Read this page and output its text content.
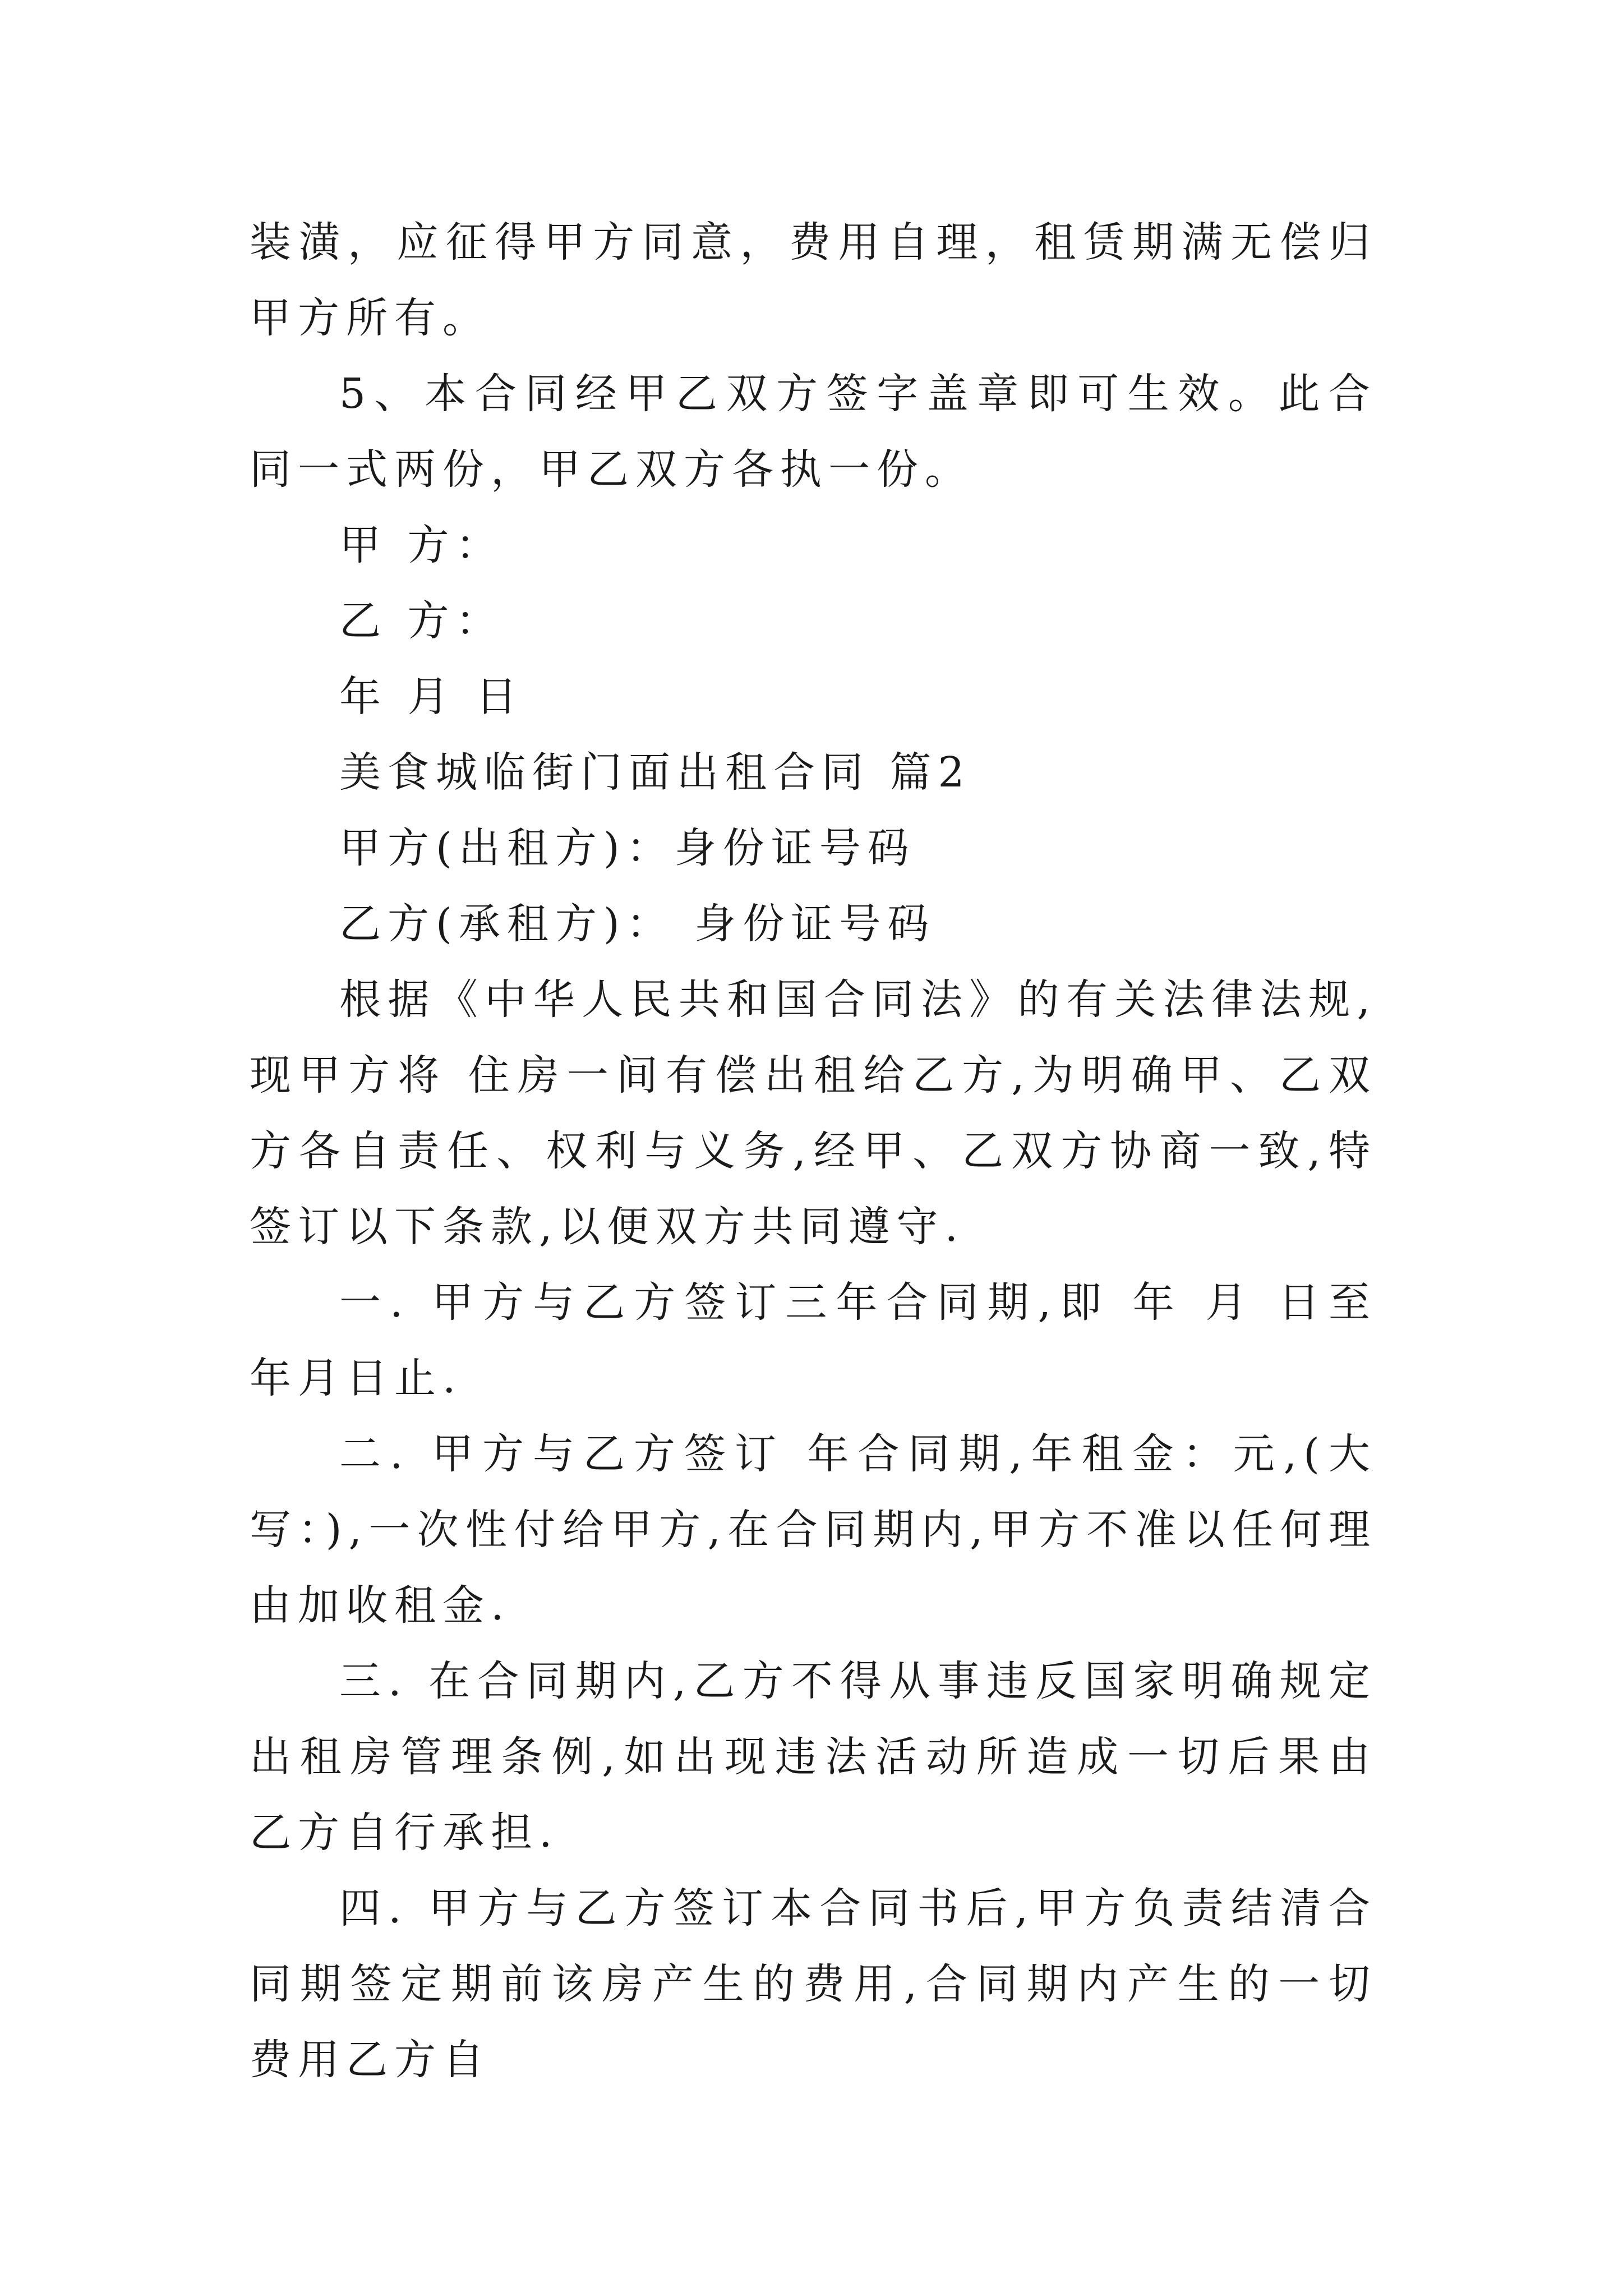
装潢，应征得甲方同意，费用自理，租赁期满无偿归甲方所有。

5、本合同经甲乙双方签字盖章即可生效。此合同一式两份，甲乙双方各执一份。

甲 方：

乙 方：

年 月 日

美食城临街门面出租合同 篇2

甲方(出租方)：身份证号码

乙方(承租方)： 身份证号码

根据《中华人民共和国合同法》的有关法律法规,现甲方将 住房一间有偿出租给乙方,为明确甲、乙双方各自责任、权利与义务,经甲、乙双方协商一致,特签订以下条款,以便双方共同遵守.

一. 甲方与乙方签订三年合同期,即 年 月 日至 年月日止.

二. 甲方与乙方签订 年合同期,年租金：元,(大写：),一次性付给甲方,在合同期内,甲方不准以任何理由加收租金.

三. 在合同期内,乙方不得从事违反国家明确规定出租房管理条例,如出现违法活动所造成一切后果由乙方自行承担.

四. 甲方与乙方签订本合同书后,甲方负责结清合同期签定期前该房产生的费用,合同期内产生的一切费用乙方自
